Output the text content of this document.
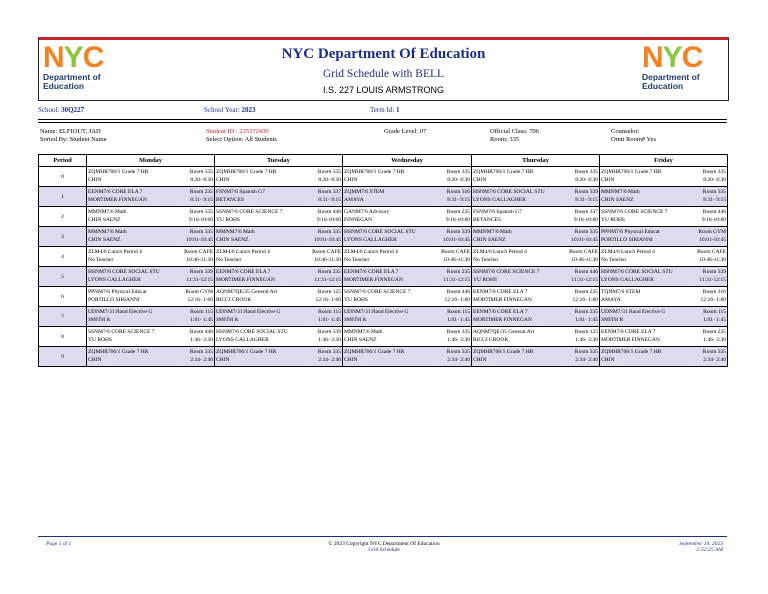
NYC
Department of
Education
NYC Department Of Education
Grid Schedule with BELL
I.S. 227 LOUIS ARMSTRONG
NYC
Department of
Education
School: 30Q227	School Year: 2023	Term Id: 1
Name: ELFIOUT, JAD
Sorted By: Student Name
Student ID : 235372430
Select Option: All Students
Grade Level: 07	Official Class: 706
Room: 335
Counselor:
Omit Room# Yes
Period	Monday	Tuesday	Wednesday	Thursday	Friday
0	ZQMHR706/1 Grade 7 HR Room 335
CHIN 8:20- 8:30	ZQMHR706/1 Grade 7 HR Room 335
CHIN 8:20- 8:30	ZQMHR706/1 Grade 7 HR Room 335
CHIN 8:20- 8:30	ZQMHR706/1 Grade 7 HR Room 335
CHIN 8:20- 8:30	ZQMHR706/1 Grade 7 HR Room 335
CHIN 8:20- 8:30

1	EENM7/6 CORE ELA 7 Room 235
MORTIMER FINNEGAN 8:31- 9:15	FSNM7/6 Spanish G7 Room 337
BETANCES 8:31- 9:15	ZQMM7/6 STEM Room 316
AMAYA 8:31- 9:15	HSNM7/6 CORE SOCIAL STU Room 339
LYONS GALLAGHER 8:31- 9:15	MMNM7/6 Math Room 335
CHIN SAENZ 8:31- 9:15

2	MMNM7/6 Math Room 335
CHIN SAENZ 9:16-10:00	SSNM7/6 CORE SCIENCE 7 Room 446
YU ROHS 9:16-10:00	GANM7/6 Advisory Room 235
FINNEGAN 9:16-10:00	FSNM7/6 Spanish G7 Room 337
BETANCES 9:16-10:00	SSNM7/6 CORE SCIENCE 7 Room 446
YU ROHS 9:16-10:00

3	MMNM7/6 Math Room 335
CHIN SAENZ 10:01-10:45	MMNM7/6 Math Room 335
CHIN SAENZ 10:01-10:45	HSNM7/6 CORE SOCIAL STU Room 339
LYONS GALLAGHER 10:01-10:45	MMNM7/6 Math Room 335
CHIN SAENZ 10:01-10:45	PPNM7/6 Physical Educat Room GYM
PORTILLO SIRIANNI 10:01-10:45

4	ZLM4/6 Lunch Period 4 Room CAFE
No Teacher 10:46-11:30	ZLM4/6 Lunch Period 4 Room CAFE
No Teacher 10:46-11:30	ZLM4/6 Lunch Period 4 Room CAFE
No Teacher 10:46-11:30	ZLM4/6 Lunch Period 4 Room CAFE
No Teacher 10:46-11:30	ZLM4/6 Lunch Period 4 Room CAFE
No Teacher 10:46-11:30

5	HSNM7/6 CORE SOCIAL STU Room 339
LYONS GALLAGHER 11:31-12:15	EENM7/6 CORE ELA 7 Room 235
MORTIMER FINNEGAN 11:31-12:15	EENM7/6 CORE ELA 7 Room 235
MORTIMER FINNEGAN 11:31-12:15	SSNM7/6 CORE SCIENCE 7 Room 446
YU ROHS 11:31-12:15	HSNM7/6 CORE SOCIAL STU Room 339
LYONS GALLAGHER 11:31-12:15

6	PPNM7/6 Physical Educat Room GYM
PORTILLO SIRIANNI 12:16- 1:00	AQNM7QE/35 General Art Room 125
RICCI CROOK 12:16- 1:00	SSNM7/6 CORE SCIENCE 7 Room 446
YU ROHS 12:16- 1:00	EENM7/6 CORE ELA 7 Room 235
MORTIMER FINNEGAN 12:16- 1:00	TQNM7/6 STEM Room 316
AMAYA 12:16- 1:00

7	UDNM7/31 Band Elective G Room 115
SMITH R 1:01- 1:45	UDNM7/31 Band Elective G Room 115
SMITH R 1:01- 1:45	UDNM7/31 Band Elective G Room 115
SMITH R 1:01- 1:45	EENM7/6 CORE ELA 7 Room 235
MORTIMER FINNEGAN 1:01- 1:45	UDNM7/31 Band Elective G Room 115
SMITH R 1:01- 1:45

8	SSNM7/6 CORE SCIENCE 7 Room 446
YU ROHS 1:46- 2:30	HSNM7/6 CORE SOCIAL STU Room 339
LYONS GALLAGHER 1:46- 2:30	MMNM7/6 Math Room 335
CHIN SAENZ 1:46- 2:30	AQNM7QE/35 General Art Room 125
RICCI CROOK 1:46- 2:30	EENM7/6 CORE ELA 7 Room 235
MORTIMER FINNEGAN 1:46- 2:30

9	ZQMHR706/1 Grade 7 HR Room 335
CHIN 2:34- 2:40	ZQMHR706/1 Grade 7 HR Room 335
CHIN 2:34- 2:40	ZQMHR706/1 Grade 7 HR Room 335
CHIN 2:34- 2:40	ZQMHR706/1 Grade 7 HR Room 335
CHIN 2:34- 2:40	ZQMHR706/1 Grade 7 HR Room 335
CHIN 2:34- 2:40
Page 1 of 1	© 2023 Copyright NYC Department Of Education
Grid Schedule
September 19, 2023
2:52:25 AM
